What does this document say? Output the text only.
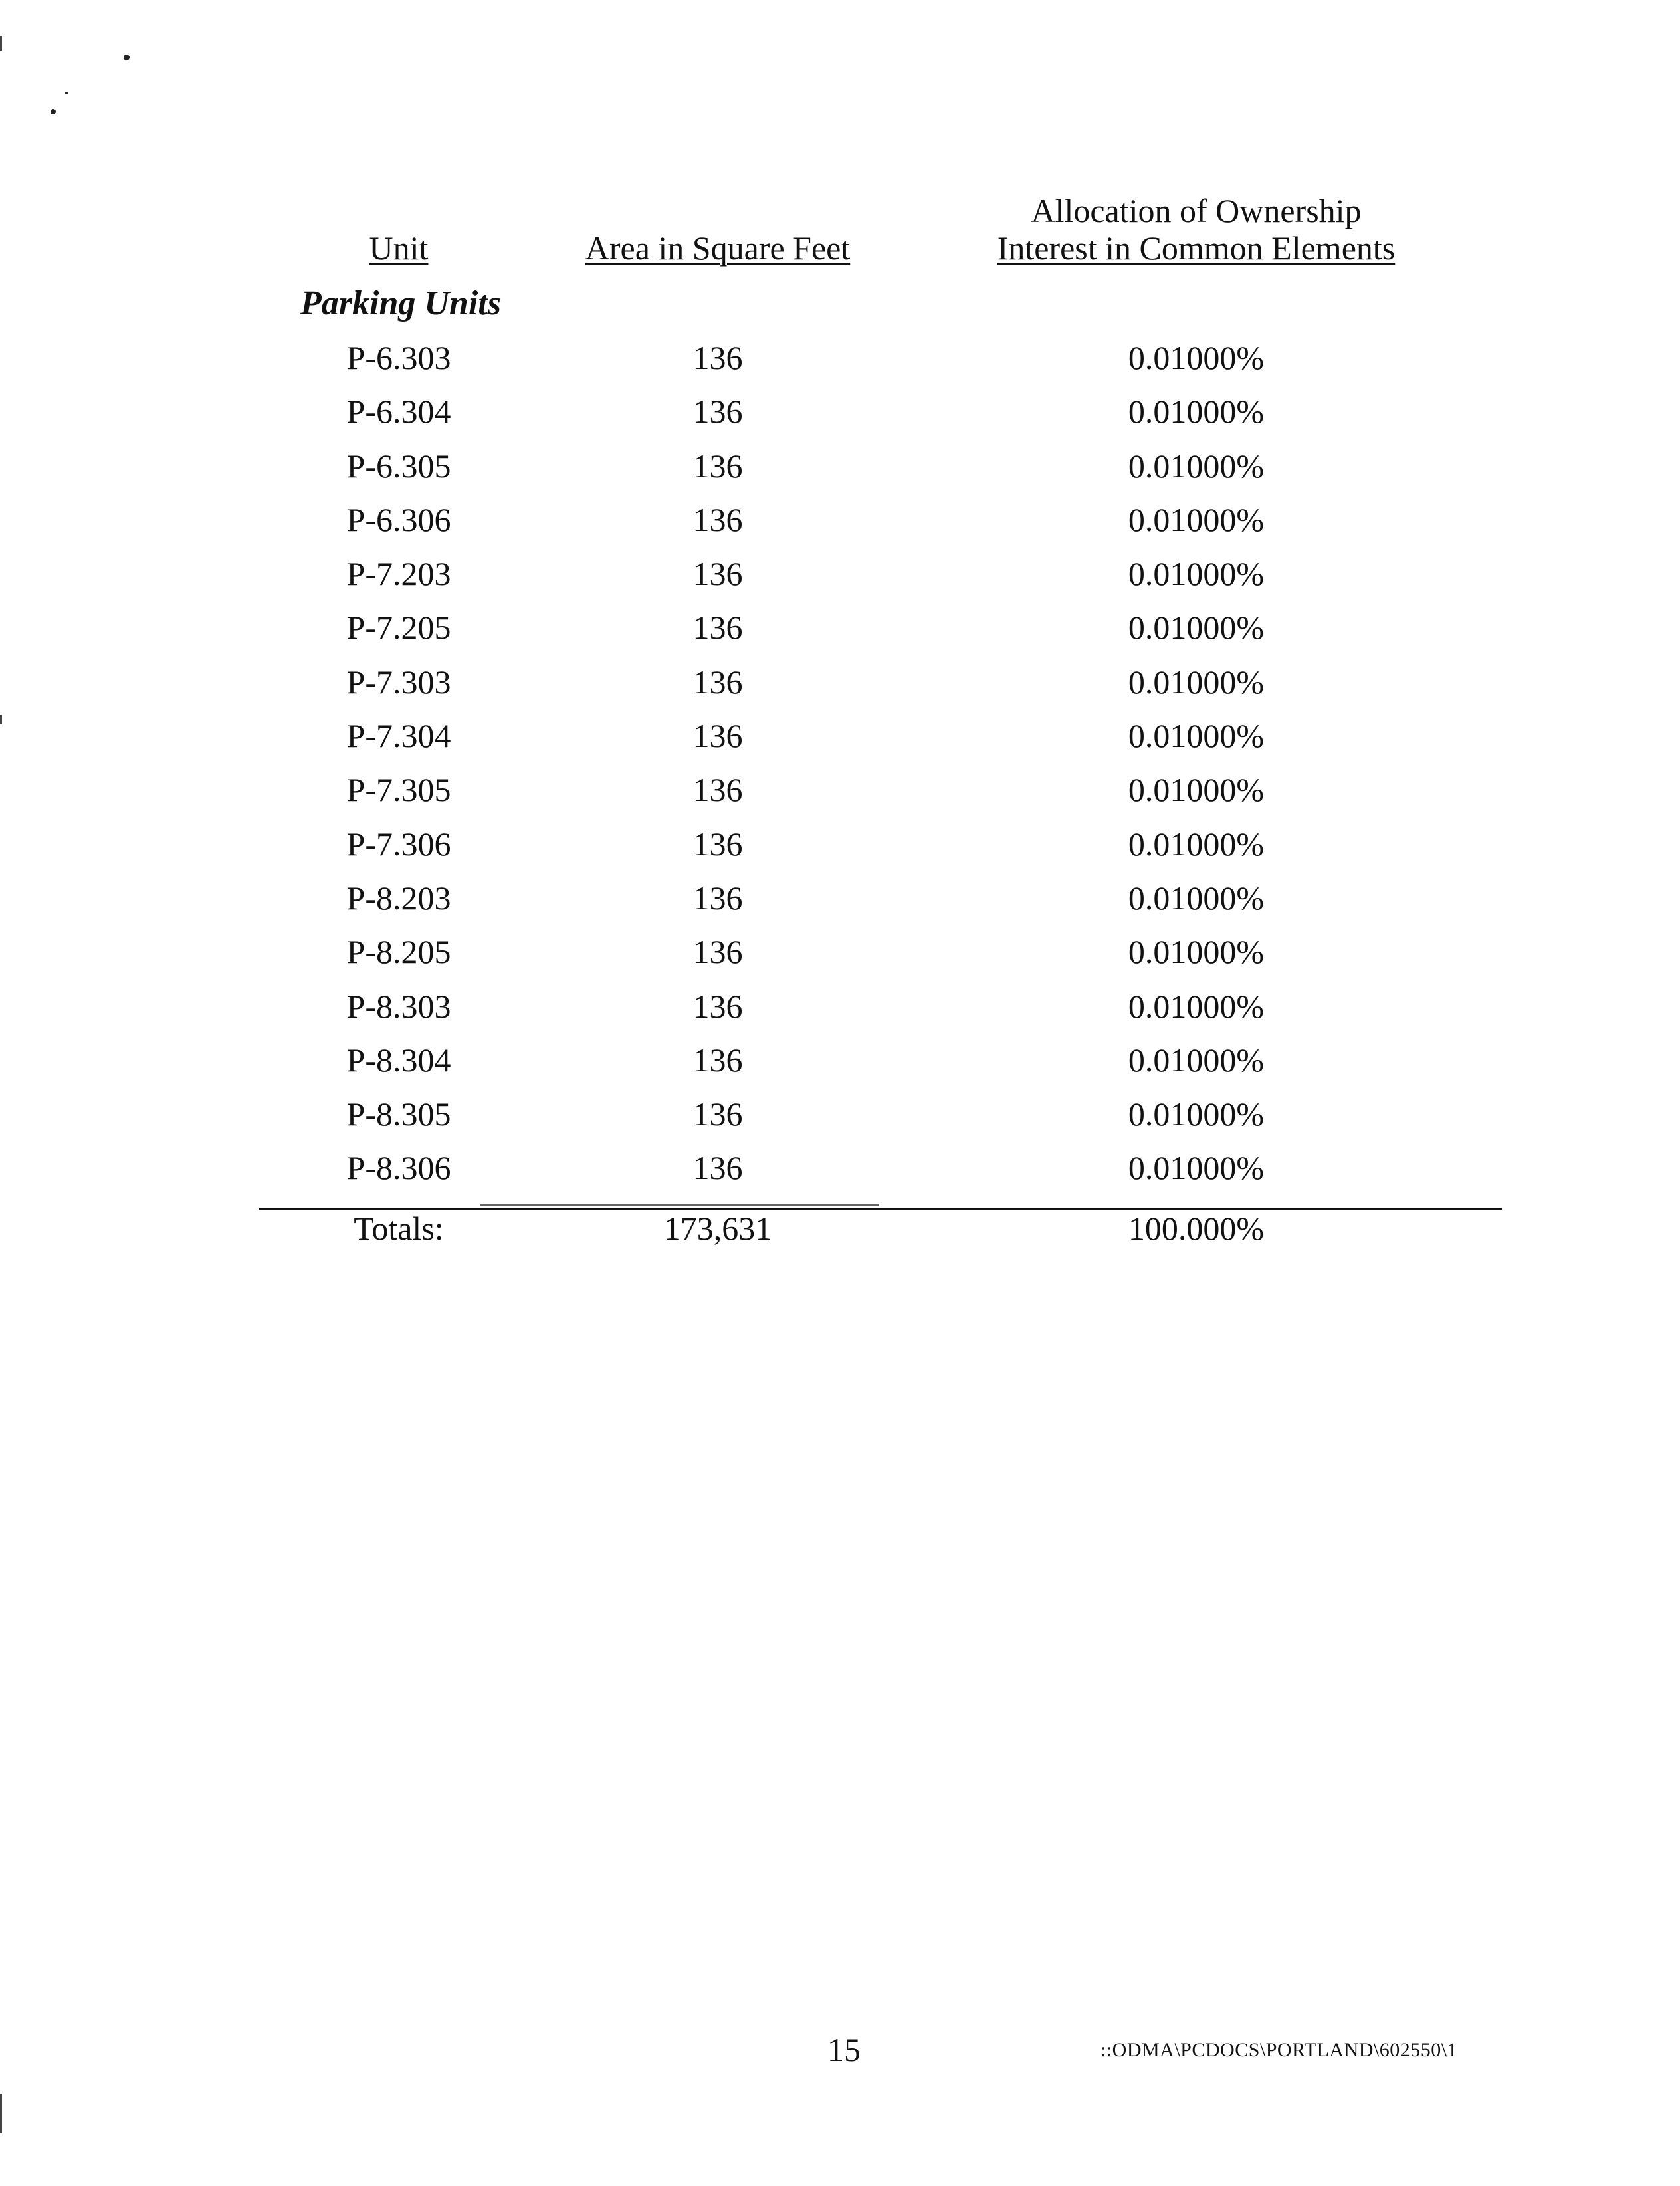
Unit	Area in Square Feet
Allocation of Ownership
Interest in Common Elements
Parking Units
P-6.303	136	0.01000%
P-6.304	136	0.01000%
P-6.305	136	0.01000%
P-6.306	136	0.01000%
P-7.203	136	0.01000%
P-7.205	136	0.01000%
P-7.303	136	0.01000%
P-7.304	136	0.01000%
P-7.305	136	0.01000%
P-7.306	136	0.01000%
P-8.203	136	0.01000%
P-8.205	136	0.01000%
P-8.303	136	0.01000%
P-8.304	136	0.01000%
P-8.305	136	0.01000%
P-8.306	136	0.01000%
Totals:	173,631	100.000%
15	::ODMA\PCDOCS\PORTLAND\602550\1
